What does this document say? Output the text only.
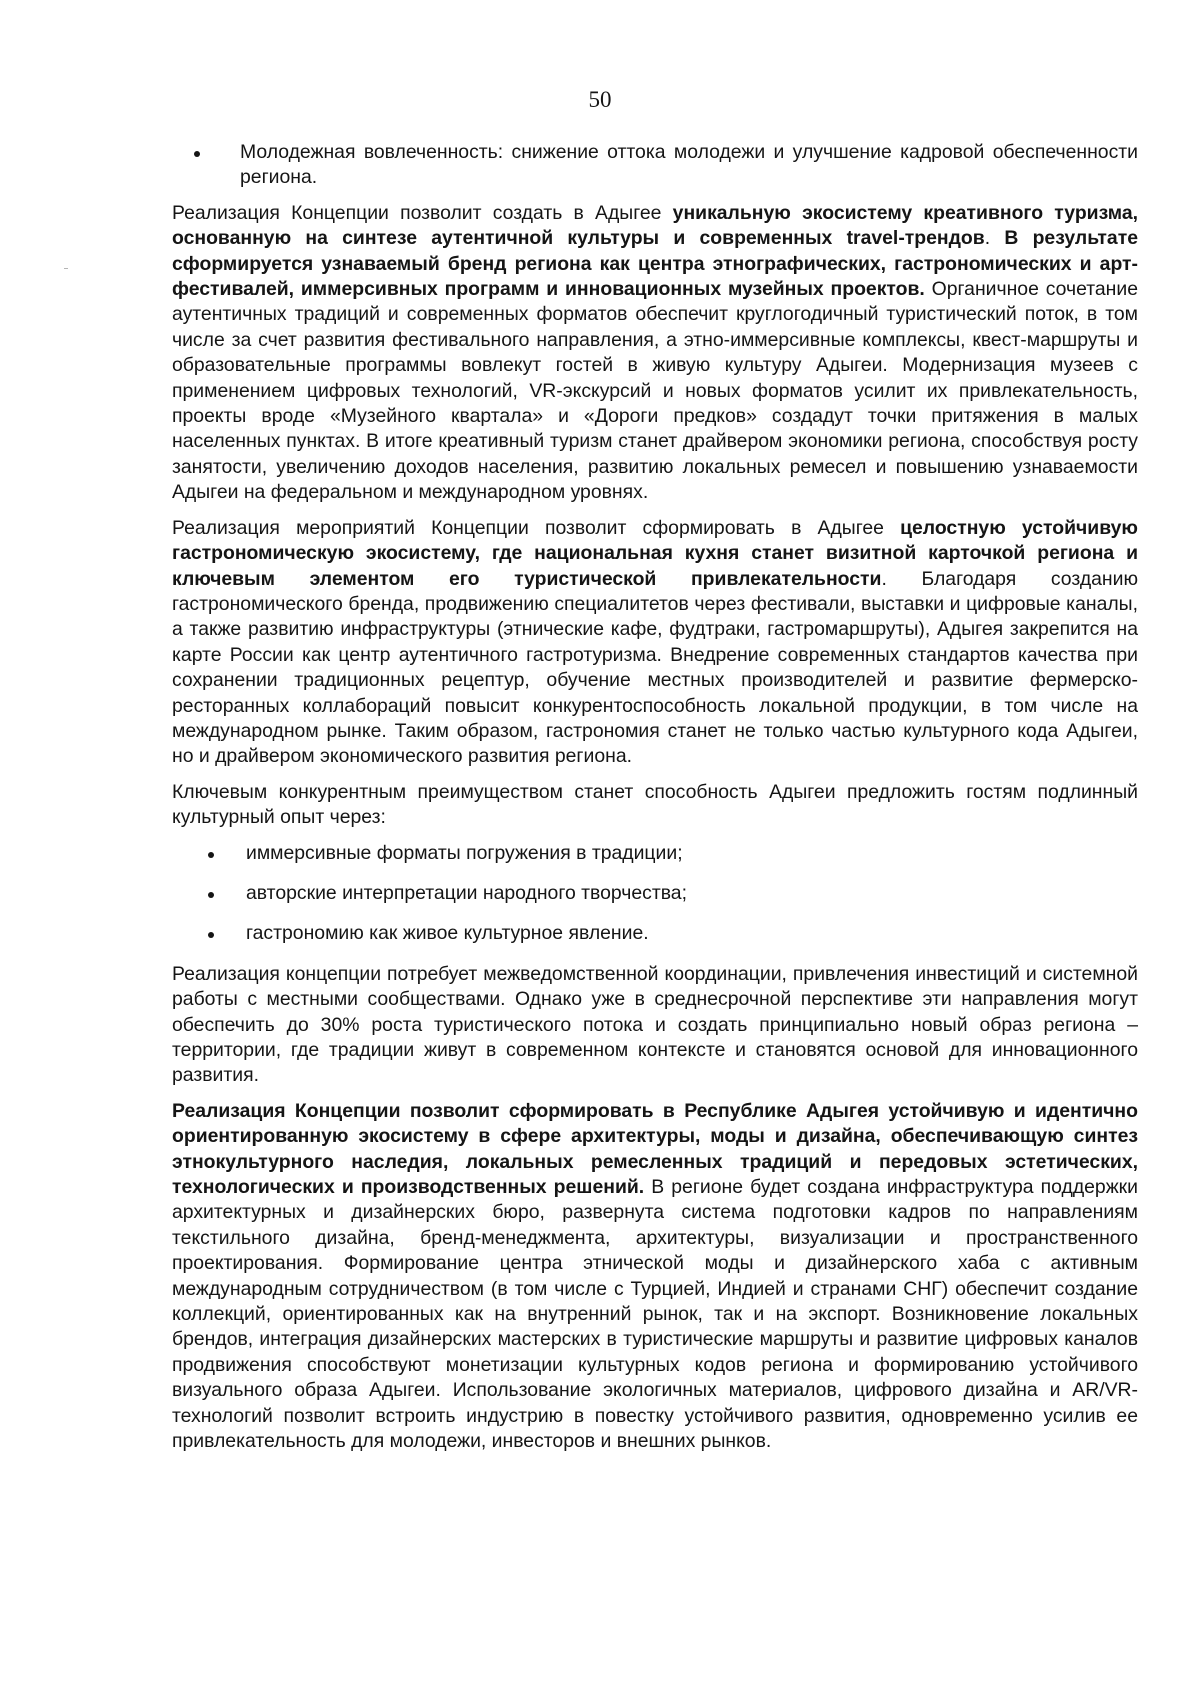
50
Молодежная вовлеченность: снижение оттока молодежи и улучшение кадровой обеспеченности региона.

Реализация Концепции позволит создать в Адыгее уникальную экосистему креативного туризма, основанную на синтезе аутентичной культуры и современных travel-трендов. В результате сформируется узнаваемый бренд региона как центра этнографических, гастрономических и арт-фестивалей, иммерсивных программ и инновационных музейных проектов. Органичное сочетание аутентичных традиций и современных форматов обеспечит круглогодичный туристический поток, в том числе за счет развития фестивального направления, а этно-иммерсивные комплексы, квест-маршруты и образовательные программы вовлекут гостей в живую культуру Адыгеи. Модернизация музеев с применением цифровых технологий, VR-экскурсий и новых форматов усилит их привлекательность, проекты вроде «Музейного квартала» и «Дороги предков» создадут точки притяжения в малых населенных пунктах. В итоге креативный туризм станет драйвером экономики региона, способствуя росту занятости, увеличению доходов населения, развитию локальных ремесел и повышению узнаваемости Адыгеи на федеральном и международном уровнях.

Реализация мероприятий Концепции позволит сформировать в Адыгее целостную устойчивую гастрономическую экосистему, где национальная кухня станет визитной карточкой региона и ключевым элементом его туристической привлекательности. Благодаря созданию гастрономического бренда, продвижению специалитетов через фестивали, выставки и цифровые каналы, а также развитию инфраструктуры (этнические кафе, фудтраки, гастромаршруты), Адыгея закрепится на карте России как центр аутентичного гастротуризма. Внедрение современных стандартов качества при сохранении традиционных рецептур, обучение местных производителей и развитие фермерско-ресторанных коллабораций повысит конкурентоспособность локальной продукции, в том числе на международном рынке. Таким образом, гастрономия станет не только частью культурного кода Адыгеи, но и драйвером экономического развития региона.

Ключевым конкурентным преимуществом станет способность Адыгеи предложить гостям подлинный культурный опыт через:

иммерсивные форматы погружения в традиции;
авторские интерпретации народного творчества;
гастрономию как живое культурное явление.

Реализация концепции потребует межведомственной координации, привлечения инвестиций и системной работы с местными сообществами. Однако уже в среднесрочной перспективе эти направления могут обеспечить до 30% роста туристического потока и создать принципиально новый образ региона – территории, где традиции живут в современном контексте и становятся основой для инновационного развития.

Реализация Концепции позволит сформировать в Республике Адыгея устойчивую и идентично ориентированную экосистему в сфере архитектуры, моды и дизайна, обеспечивающую синтез этнокультурного наследия, локальных ремесленных традиций и передовых эстетических, технологических и производственных решений. В регионе будет создана инфраструктура поддержки архитектурных и дизайнерских бюро, развернута система подготовки кадров по направлениям текстильного дизайна, бренд-менеджмента, архитектуры, визуализации и пространственного проектирования. Формирование центра этнической моды и дизайнерского хаба с активным международным сотрудничеством (в том числе с Турцией, Индией и странами СНГ) обеспечит создание коллекций, ориентированных как на внутренний рынок, так и на экспорт. Возникновение локальных брендов, интеграция дизайнерских мастерских в туристические маршруты и развитие цифровых каналов продвижения способствуют монетизации культурных кодов региона и формированию устойчивого визуального образа Адыгеи. Использование экологичных материалов, цифрового дизайна и AR/VR-технологий позволит встроить индустрию в повестку устойчивого развития, одновременно усилив ее привлекательность для молодежи, инвесторов и внешних рынков.
